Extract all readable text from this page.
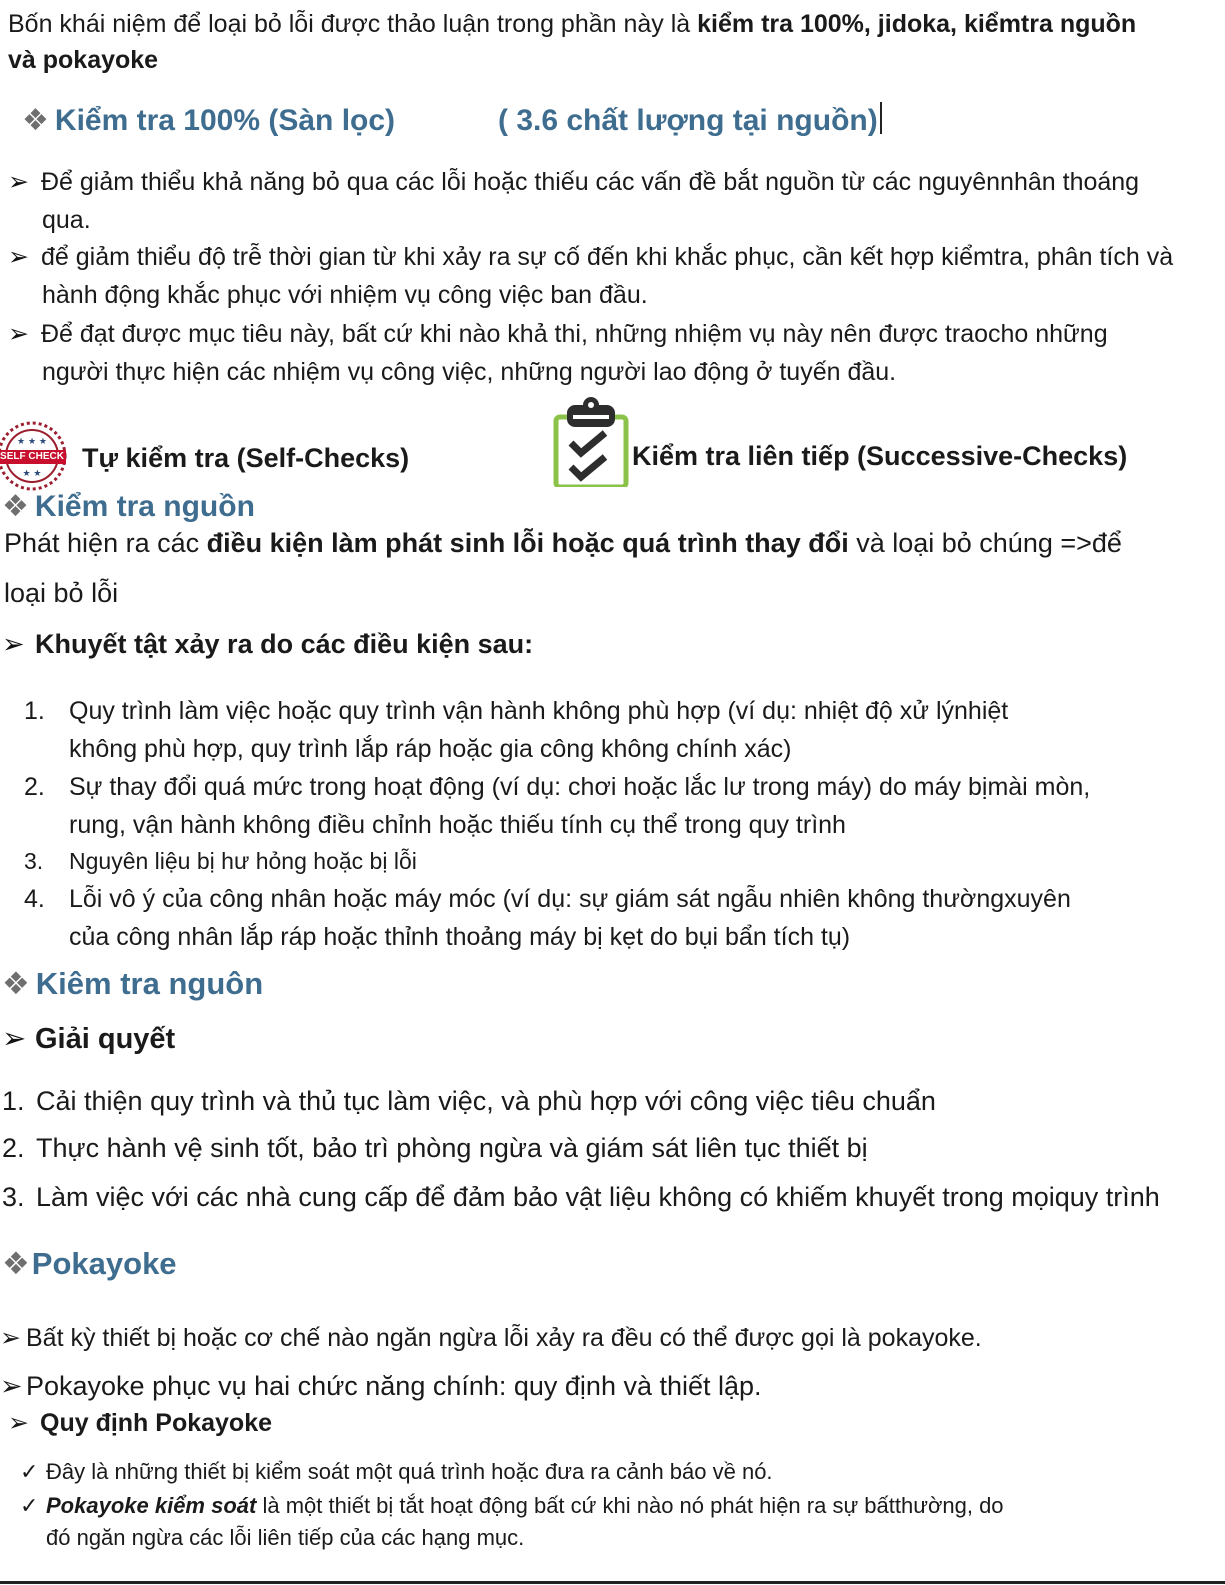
Bốn khái niệm để loại bỏ lỗi được thảo luận trong phần này là kiểm tra 100%, jidoka, kiểmtra nguồn
và pokayoke
❖ Kiểm tra 100% (Sàn lọc)	( 3.6 chất lượng tại nguồn)
➢ Để giảm thiểu khả năng bỏ qua các lỗi hoặc thiếu các vấn đề bắt nguồn từ các nguyênnhân thoáng
qua.
➢ để giảm thiểu độ trễ thời gian từ khi xảy ra sự cố đến khi khắc phục, cần kết hợp kiểmtra, phân tích và
hành động khắc phục với nhiệm vụ công việc ban đầu.
➢ Để đạt được mục tiêu này, bất cứ khi nào khả thi, những nhiệm vụ này nên được traocho những
người thực hiện các nhiệm vụ công việc, những người lao động ở tuyến đầu.
★ ★ ★
★ ★
SELF CHECK Tự kiểm tra (Self-Checks)	Kiểm tra liên tiếp (Successive-Checks)
❖ Kiểm tra nguồn
Phát hiện ra các điều kiện làm phát sinh lỗi hoặc quá trình thay đổi và loại bỏ chúng =>để
loại bỏ lỗi
➢ Khuyết tật xảy ra do các điều kiện sau:
1. Quy trình làm việc hoặc quy trình vận hành không phù hợp (ví dụ: nhiệt độ xử lýnhiệt
không phù hợp, quy trình lắp ráp hoặc gia công không chính xác)
2. Sự thay đổi quá mức trong hoạt động (ví dụ: chơi hoặc lắc lư trong máy) do máy bịmài mòn,
rung, vận hành không điều chỉnh hoặc thiếu tính cụ thể trong quy trình
3. Nguyên liệu bị hư hỏng hoặc bị lỗi
4. Lỗi vô ý của công nhân hoặc máy móc (ví dụ: sự giám sát ngẫu nhiên không thườngxuyên
của công nhân lắp ráp hoặc thỉnh thoảng máy bị kẹt do bụi bẩn tích tụ)
❖ Kiêm tra nguôn
➢ Giải quyết
1. Cải thiện quy trình và thủ tục làm việc, và phù hợp với công việc tiêu chuẩn
2. Thực hành vệ sinh tốt, bảo trì phòng ngừa và giám sát liên tục thiết bị
3. Làm việc với các nhà cung cấp để đảm bảo vật liệu không có khiếm khuyết trong mọiquy trình
❖Pokayoke
➢ Bất kỳ thiết bị hoặc cơ chế nào ngăn ngừa lỗi xảy ra đều có thể được gọi là pokayoke.
➢ Pokayoke phục vụ hai chức năng chính: quy định và thiết lập.
➢ Quy định Pokayoke
✓ Đây là những thiết bị kiểm soát một quá trình hoặc đưa ra cảnh báo về nó.
✓ Pokayoke kiểm soát là một thiết bị tắt hoạt động bất cứ khi nào nó phát hiện ra sự bấtthường, do
đó ngăn ngừa các lỗi liên tiếp của các hạng mục.
